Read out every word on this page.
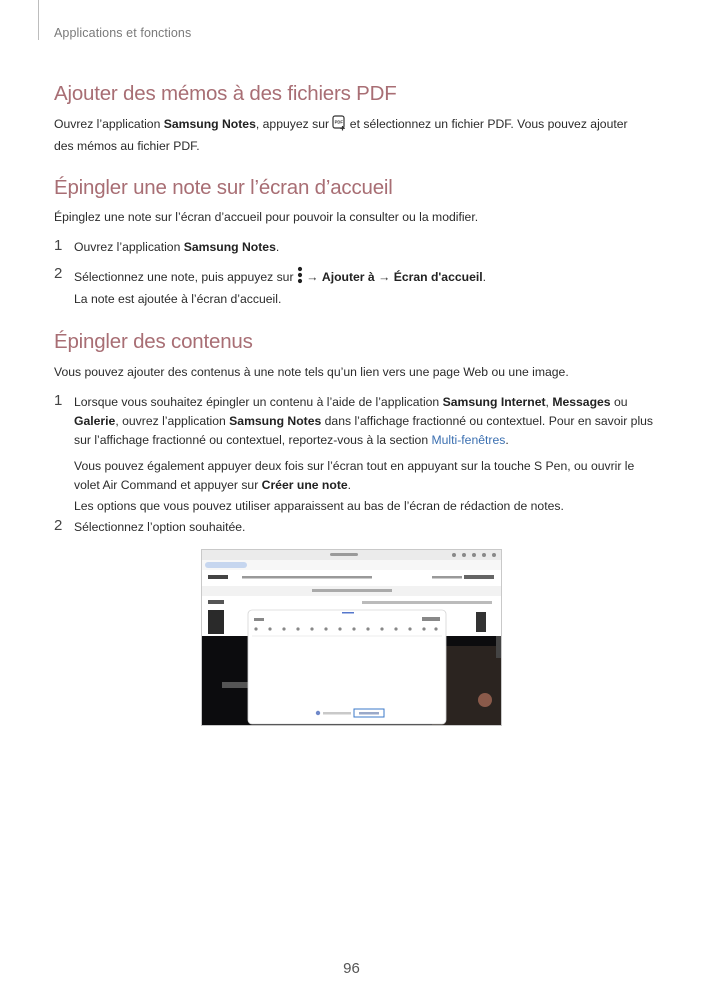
Applications et fonctions
Ajouter des mémos à des fichiers PDF
Ouvrez l’application Samsung Notes, appuyez sur PDF et sélectionnez un fichier PDF. Vous pouvez ajouter des mémos au fichier PDF.
Épingler une note sur l’écran d’accueil
Épinglez une note sur l’écran d’accueil pour pouvoir la consulter ou la modifier.
1 Ouvrez l’application Samsung Notes.
2 Sélectionnez une note, puis appuyez sur  → Ajouter à → Écran d'accueil.
La note est ajoutée à l’écran d’accueil.
Épingler des contenus
Vous pouvez ajouter des contenus à une note tels qu’un lien vers une page Web ou une image.
1 Lorsque vous souhaitez épingler un contenu à l’aide de l’application Samsung Internet, Messages ou Galerie, ouvrez l’application Samsung Notes dans l’affichage fractionné ou contextuel. Pour en savoir plus sur l’affichage fractionné ou contextuel, reportez-vous à la section Multi-fenêtres.
Vous pouvez également appuyer deux fois sur l’écran tout en appuyant sur la touche S Pen, ou ouvrir le volet Air Command et appuyer sur Créer une note.
Les options que vous pouvez utiliser apparaissent au bas de l’écran de rédaction de notes.
2 Sélectionnez l’option souhaitée.
96
